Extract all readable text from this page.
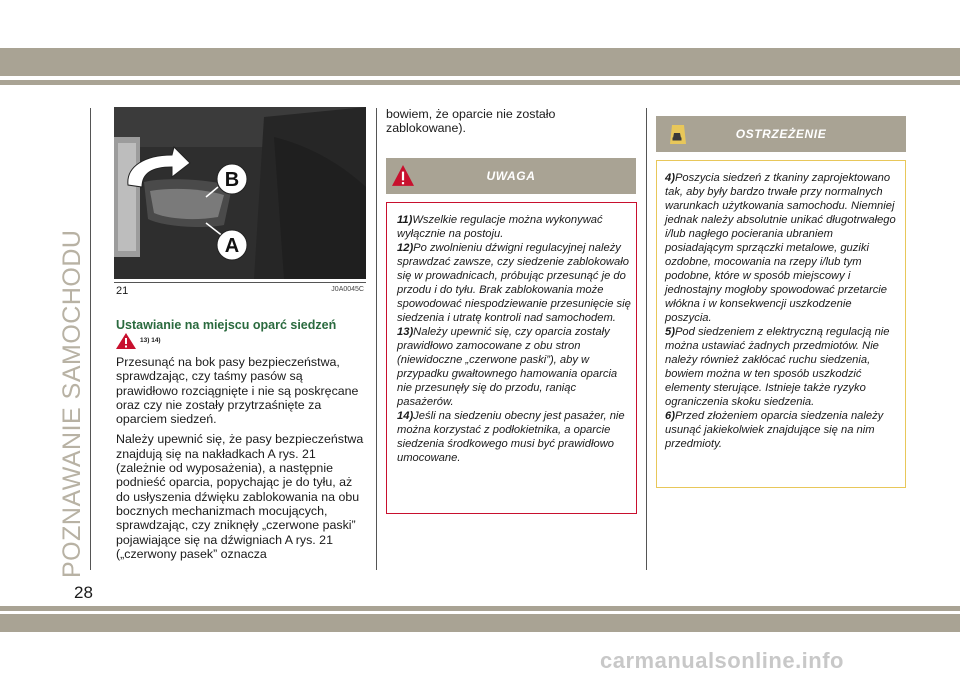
POZNAWANIE SAMOCHODU
B
A
21	J0A0045C
Ustawianie na miejscu oparć siedzeń
13) 14)

Przesunąć na bok pasy bezpieczeństwa, sprawdzając, czy taśmy pasów są prawidłowo rozciągnięte i nie są poskręcane oraz czy nie zostały przytrzaśnięte za oparciem siedzeń.

Należy upewnić się, że pasy bezpieczeństwa znajdują się na nakładkach A rys. 21 (zależnie od wyposażenia), a następnie podnieść oparcia, popychając je do tyłu, aż do usłyszenia dźwięku zablokowania na obu bocznych mechanizmach mocujących, sprawdzając, czy zniknęły „czerwone paski” pojawiające się na dźwigniach A rys. 21 („czerwony pasek” oznacza

bowiem, że oparcie nie zostało zablokowane).

UWAGA

11)Wszelkie regulacje można wykonywać wyłącznie na postoju.

12)Po zwolnieniu dźwigni regulacyjnej należy sprawdzać zawsze, czy siedzenie zablokowało się w prowadnicach, próbując przesunąć je do przodu i do tyłu. Brak zablokowania może spowodować niespodziewanie przesunięcie się siedzenia i utratę kontroli nad samochodem.

13)Należy upewnić się, czy oparcia zostały prawidłowo zamocowane z obu stron (niewidoczne „czerwone paski”), aby w przypadku gwałtownego hamowania oparcia nie przesunęły się do przodu, raniąc pasażerów.

14)Jeśli na siedzeniu obecny jest pasażer, nie można korzystać z podłokietnika, a oparcie siedzenia środkowego musi być prawidłowo umocowane.

OSTRZEŻENIE

4)Poszycia siedzeń z tkaniny zaprojektowano tak, aby były bardzo trwałe przy normalnych warunkach użytkowania samochodu. Niemniej jednak należy absolutnie unikać długotrwałego i/lub nagłego pocierania ubraniem posiadającym sprzączki metalowe, guziki ozdobne, mocowania na rzepy i/lub tym podobne, które w sposób miejscowy i jednostajny mogłoby spowodować przetarcie włókna i w konsekwencji uszkodzenie poszycia.

5)Pod siedzeniem z elektryczną regulacją nie można ustawiać żadnych przedmiotów. Nie należy również zakłócać ruchu siedzenia, bowiem można w ten sposób uszkodzić elementy sterujące. Istnieje także ryzyko ograniczenia skoku siedzenia.

6)Przed złożeniem oparcia siedzenia należy usunąć jakiekolwiek znajdujące się na nim przedmioty.

28
carmanualsonline.info
